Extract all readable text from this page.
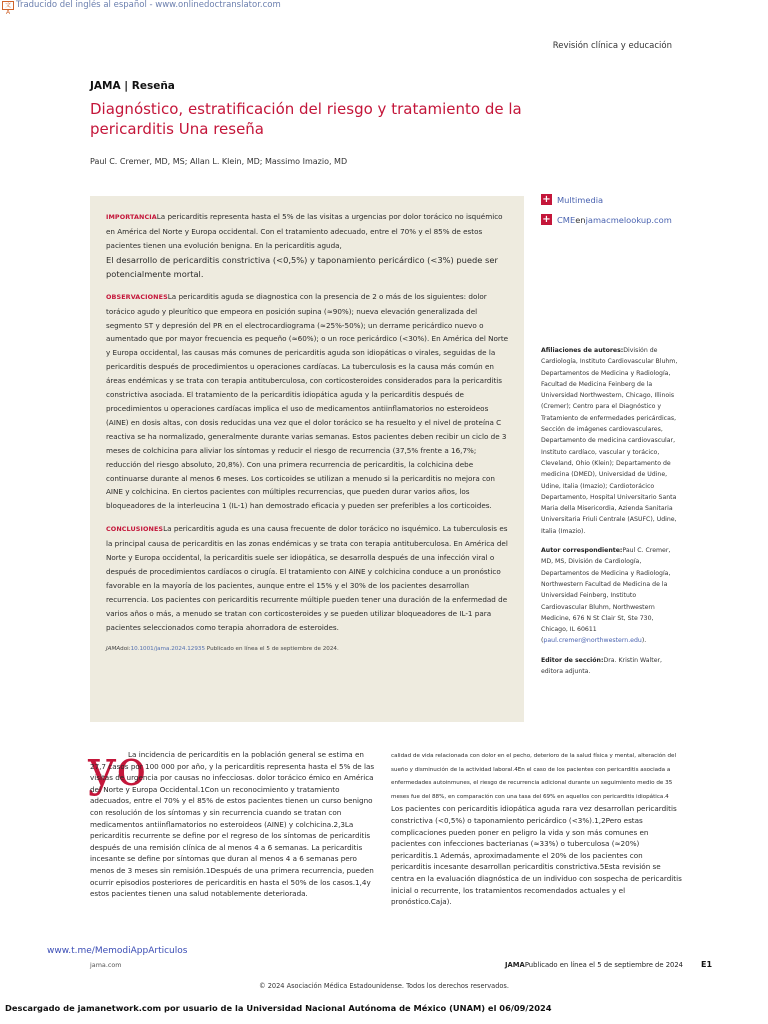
文A
Traducido del inglés al español - www.onlinedoctranslator.com
Revisión clínica y educación
JAMA | Reseña
Diagnóstico, estratificación del riesgo y tratamiento de la pericarditis Una reseña
Paul C. Cremer, MD, MS; Allan L. Klein, MD; Massimo Imazio, MD

IMPORTANCIALa pericarditis representa hasta el 5% de las visitas a urgencias por dolor torácico no isquémico en América del Norte y Europa occidental. Con el tratamiento adecuado, entre el 70% y el 85% de estos pacientes tienen una evolución benigna. En la pericarditis aguda,

El desarrollo de pericarditis constrictiva (<0,5%) y taponamiento pericárdico (<3%) puede ser potencialmente mortal.

OBSERVACIONESLa pericarditis aguda se diagnostica con la presencia de 2 o más de los siguientes: dolor torácico agudo y pleurítico que empeora en posición supina (≈90%); nueva elevación generalizada del segmento ST y depresión del PR en el electrocardiograma (≈25%-50%); un derrame pericárdico nuevo o aumentado que por mayor frecuencia es pequeño (≈60%); o un roce pericárdico (<30%). En América del Norte y Europa occidental, las causas más comunes de pericarditis aguda son idiopáticas o virales, seguidas de la pericarditis después de procedimientos u operaciones cardíacas. La tuberculosis es la causa más común en áreas endémicas y se trata con terapia antituberculosa, con corticosteroides considerados para la pericarditis constrictiva asociada. El tratamiento de la pericarditis idiopática aguda y la pericarditis después de procedimientos u operaciones cardíacas implica el uso de medicamentos antiinflamatorios no esteroideos (AINE) en dosis altas, con dosis reducidas una vez que el dolor torácico se ha resuelto y el nivel de proteína C reactiva se ha normalizado, generalmente durante varias semanas. Estos pacientes deben recibir un ciclo de 3 meses de colchicina para aliviar los síntomas y reducir el riesgo de recurrencia (37,5% frente a 16,7%; reducción del riesgo absoluto, 20,8%). Con una primera recurrencia de pericarditis, la colchicina debe continuarse durante al menos 6 meses. Los corticoides se utilizan a menudo si la pericarditis no mejora con AINE y colchicina. En ciertos pacientes con múltiples recurrencias, que pueden durar varios años, los bloqueadores de la interleucina 1 (IL-1) han demostrado eficacia y pueden ser preferibles a los corticoides.

CONCLUSIONESLa pericarditis aguda es una causa frecuente de dolor torácico no isquémico. La tuberculosis es la principal causa de pericarditis en las zonas endémicas y se trata con terapia antituberculosa. En América del Norte y Europa occidental, la pericarditis suele ser idiopática, se desarrolla después de una infección viral o después de procedimientos cardíacos o cirugía. El tratamiento con AINE y colchicina conduce a un pronóstico favorable en la mayoría de los pacientes, aunque entre el 15% y el 30% de los pacientes desarrollan recurrencia. Los pacientes con pericarditis recurrente múltiple pueden tener una duración de la enfermedad de varios años o más, a menudo se tratan con corticosteroides y se pueden utilizar bloqueadores de IL-1 para pacientes seleccionados como terapia ahorradora de esteroides.

JAMAdoi:10.1001/jama.2024.12935 Publicado en línea el 5 de septiembre de 2024.

+ Multimedia
+ CMEenjamacmelookup.com

Afiliaciones de autores:División de Cardiología, Instituto Cardiovascular Bluhm, Departamentos de Medicina y Radiología, Facultad de Medicina Feinberg de la Universidad Northwestern, Chicago, Illinois (Cremer); Centro para el Diagnóstico y Tratamiento de enfermedades pericárdicas, Sección de imágenes cardiovasculares, Departamento de medicina cardiovascular, Instituto cardíaco, vascular y torácico, Cleveland, Ohio (Klein); Departamento de medicina (DMED), Universidad de Udine, Udine, Italia (Imazio); Cardiotorácico Departamento, Hospital Universitario Santa Maria della Misericordia, Azienda Sanitaria Universitaria Friuli Centrale (ASUFC), Udine, Italia (Imazio).

Autor correspondiente:Paul C. Cremer, MD, MS, División de Cardiología, Departamentos de Medicina y Radiología, Northwestern Facultad de Medicina de la Universidad Feinberg, Instituto Cardiovascular Bluhm, Northwestern Medicine, 676 N St Clair St, Ste 730, Chicago, IL 60611 (paul.cremer@northwestern.edu).

Editor de sección:Dra. Kristin Walter, editora adjunta.

yo
La incidencia de pericarditis en la población general se estima en 27,7 casos por 100 000 por año, y la pericarditis representa hasta el 5% de las visitas de urgencia por causas no infecciosas. dolor torácico émico en América del Norte y Europa Occidental.1Con un reconocimiento y tratamiento adecuados, entre el 70% y el 85% de estos pacientes tienen un curso benigno con resolución de los síntomas y sin recurrencia cuando se tratan con medicamentos antiinflamatorios no esteroideos (AINE) y colchicina.2,3La pericarditis recurrente se define por el regreso de los síntomas de pericarditis después de una remisión clínica de al menos 4 a 6 semanas. La pericarditis incesante se define por síntomas que duran al menos 4 a 6 semanas pero menos de 3 meses sin remisión.1Después de una primera recurrencia, pueden ocurrir episodios posteriores de pericarditis en hasta el 50% de los casos.1,4y estos pacientes tienen una salud notablemente deteriorada.
calidad de vida relacionada con dolor en el pecho, deterioro de la salud física y mental, alteración del sueño y disminución de la actividad laboral.4En el caso de los pacientes con pericarditis asociada a enfermedades autoinmunes, el riesgo de recurrencia adicional durante un seguimiento medio de 35 meses fue del 88%, en comparación con una tasa del 69% en aquellos con pericarditis idiopática.4
Los pacientes con pericarditis idiopática aguda rara vez desarrollan pericarditis constrictiva (<0,5%) o taponamiento pericárdico (<3%).1,2Pero estas complicaciones pueden poner en peligro la vida y son más comunes en pacientes con infecciones bacterianas (≈33%) o tuberculosa (≈20%) pericarditis.1 Además, aproximadamente el 20% de los pacientes con pericarditis incesante desarrollan pericarditis constrictiva.5Esta revisión se centra en la evaluación diagnóstica de un individuo con sospecha de pericarditis inicial o recurrente, los tratamientos recomendados actuales y el pronóstico.Caja).
www.t.me/MemodiAppArticulos
jama.com	JAMAPublicado en línea el 5 de septiembre de 2024 E1
© 2024 Asociación Médica Estadounidense. Todos los derechos reservados.
Descargado de jamanetwork.com por usuario de la Universidad Nacional Autónoma de México (UNAM) el 06/09/2024
